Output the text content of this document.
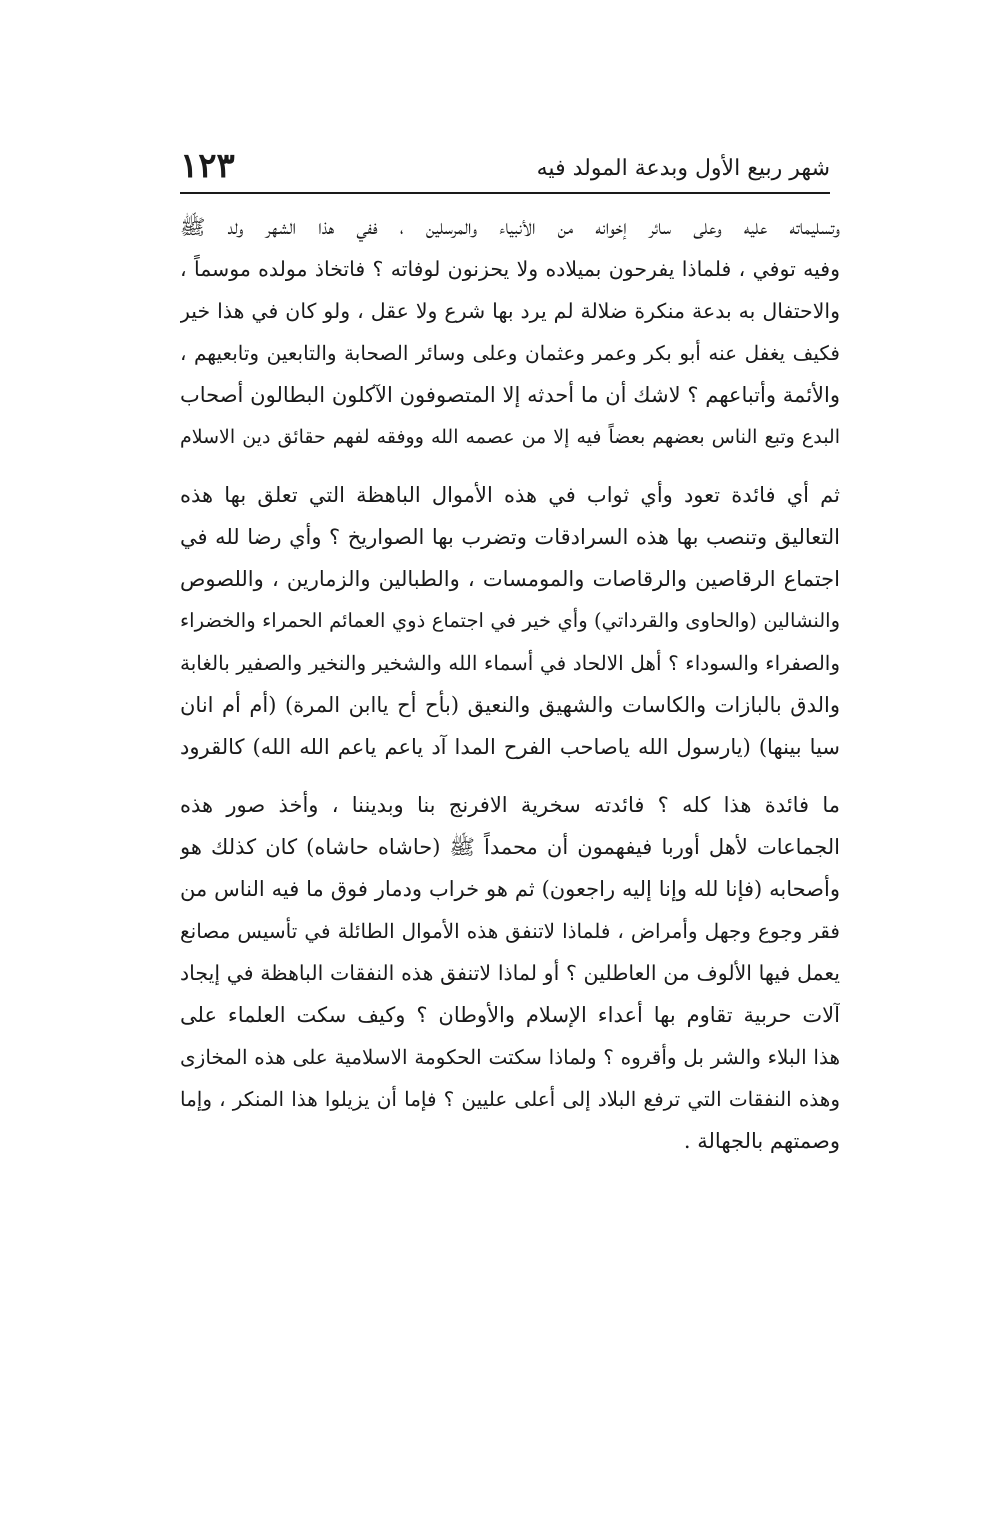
شهر ربيع الأول وبدعة المولد فيه
١٢٣
وتسليماته عليه وعلى سائر إخوانه من الأنبياء والمرسلين ، ففي هذا الشهر ولد ﷺ
وفيه توفي ، فلماذا يفرحون بميلاده ولا يحزنون لوفاته ؟ فاتخاذ مولده موسماً ،
والاحتفال به بدعة منكرة ضلالة لم يرد بها شرع ولا عقل ، ولو كان في هذا خير
فكيف يغفل عنه أبو بكر وعمر وعثمان وعلى وسائر الصحابة والتابعين وتابعيهم ،
والأئمة وأتباعهم ؟ لاشك أن ما أحدثه إلا المتصوفون الآكلون البطالون أصحاب
البدع وتبع الناس بعضهم بعضاً فيه إلا من عصمه الله ووفقه لفهم حقائق دين الاسلام
ثم أي فائدة تعود وأي ثواب في هذه الأموال الباهظة التي تعلق بها هذه
التعاليق وتنصب بها هذه السرادقات وتضرب بها الصواريخ ؟ وأي رضا لله في
اجتماع الرقاصين والرقاصات والمومسات ، والطبالين والزمارين ، واللصوص
والنشالين (والحاوى والقرداتي) وأي خير في اجتماع ذوي العمائم الحمراء والخضراء
والصفراء والسوداء ؟ أهل الالحاد في أسماء الله والشخير والنخير والصفير بالغابة
والدق بالبازات والكاسات والشهيق والنعيق (بأح أح ياابن المرة) (أم أم انان
سيا بينها) (يارسول الله ياصاحب الفرح المدا آد ياعم ياعم الله الله) كالقرود
ما فائدة هذا كله ؟ فائدته سخرية الافرنج بنا وبديننا ، وأخذ صور هذه
الجماعات لأهل أوربا فيفهمون أن محمداً ﷺ (حاشاه حاشاه) كان كذلك هو
وأصحابه (فإنا لله وإنا إليه راجعون) ثم هو خراب ودمار فوق ما فيه الناس من
فقر وجوع وجهل وأمراض ، فلماذا لاتنفق هذه الأموال الطائلة في تأسيس مصانع
يعمل فيها الألوف من العاطلين ؟ أو لماذا لاتنفق هذه النفقات الباهظة في إيجاد
آلات حربية تقاوم بها أعداء الإسلام والأوطان ؟ وكيف سكت العلماء على
هذا البلاء والشر بل وأقروه ؟ ولماذا سكتت الحكومة الاسلامية على هذه المخازى
وهذه النفقات التي ترفع البلاد إلى أعلى عليين ؟ فإما أن يزيلوا هذا المنكر ، وإما
وصمتهم بالجهالة .
